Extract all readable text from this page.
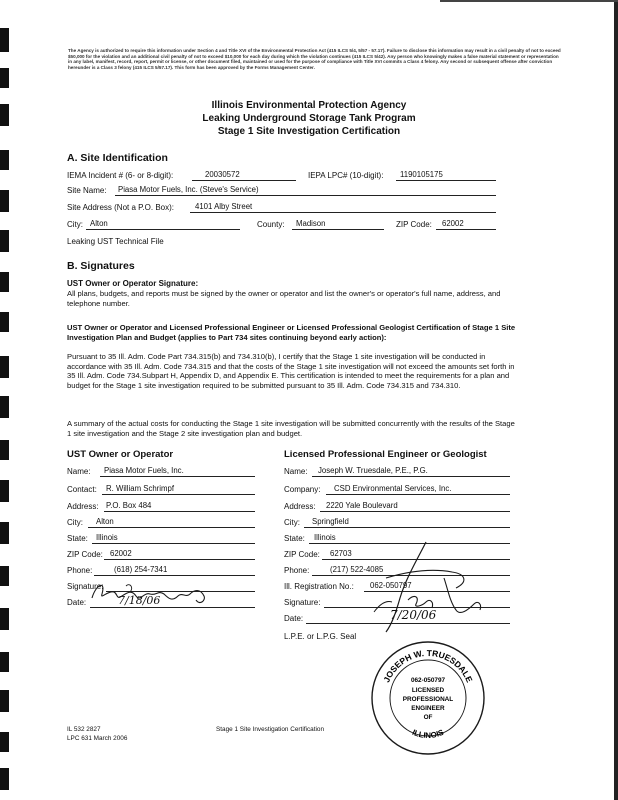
The Agency is authorized to require this information under Section 4 and Title XVI of the Environmental Protection Act (415 ILCS 5/4, 5/57 - 57.17). Failure to disclose this information may result in a civil penalty of not to exceed $50,000 for the violation and an additional civil penalty of not to exceed $10,000 for each day during which the violation continues (415 ILCS 5/42). Any person who knowingly makes a false material statement or representation in any label, manifest, record, report, permit or license, or other document filed, maintained or used for the purpose of compliance with Title XVI commits a Class 4 felony. Any second or subsequent offense after conviction hereunder is a Class 3 felony (415 ILCS 5/57.17). This form has been approved by the Forms Management Center.
Illinois Environmental Protection Agency
Leaking Underground Storage Tank Program
Stage 1 Site Investigation Certification
A. Site Identification
IEMA Incident # (6- or 8-digit):	20030572	IEPA LPC# (10-digit): 1190105175
Site Name: Piasa Motor Fuels, Inc. (Steve's Service)
Site Address (Not a P.O. Box):	4101 Alby Street
City: Alton	County: Madison	ZIP Code: 62002
Leaking UST Technical File
B. Signatures
UST Owner or Operator Signature:
All plans, budgets, and reports must be signed by the owner or operator and list the owner's or operator's full name, address, and telephone number.
UST Owner or Operator and Licensed Professional Engineer or Licensed Professional Geologist Certification of Stage 1 Site Investigation Plan and Budget (applies to Part 734 sites continuing beyond early action):
Pursuant to 35 Ill. Adm. Code Part 734.315(b) and 734.310(b), I certify that the Stage 1 site investigation will be conducted in accordance with 35 Ill. Adm. Code 734.315 and that the costs of the Stage 1 site investigation will not exceed the amounts set forth in 35 Ill. Adm. Code 734.Subpart H, Appendix D, and Appendix E. This certification is intended to meet the requirements for a plan and budget for the Stage 1 site investigation required to be submitted pursuant to 35 Ill. Adm. Code 734.315 and 734.310.
A summary of the actual costs for conducting the Stage 1 site investigation will be submitted concurrently with the results of the Stage 1 site investigation and the Stage 2 site investigation plan and budget.
UST Owner or Operator
Name: Piasa Motor Fuels, Inc.
Contact: R. William Schrimpf
Address: P.O. Box 484
City: Alton
State: Illinois
ZIP Code: 62002
Phone:	(618) 254-7341
Signature:
Date:	7/18/06
Licensed Professional Engineer or Geologist
Name: Joseph W. Truesdale, P.E., P.G.
Company: CSD Environmental Services, Inc.
Address: 2220 Yale Boulevard
City: Springfield
State: Illinois
ZIP Code: 62703
Phone:	(217) 522-4085
Ill. Registration No.: 062-050797
Signature:
Date:	7/20/06
L.P.E. or L.P.G. Seal
JOSEPH W. TRUESDALE
ILLINOIS
062-050797
LICENSED
PROFESSIONAL
ENGINEER
OF
IL 532 2827
LPC 631 March 2006
Stage 1 Site Investigation Certification
